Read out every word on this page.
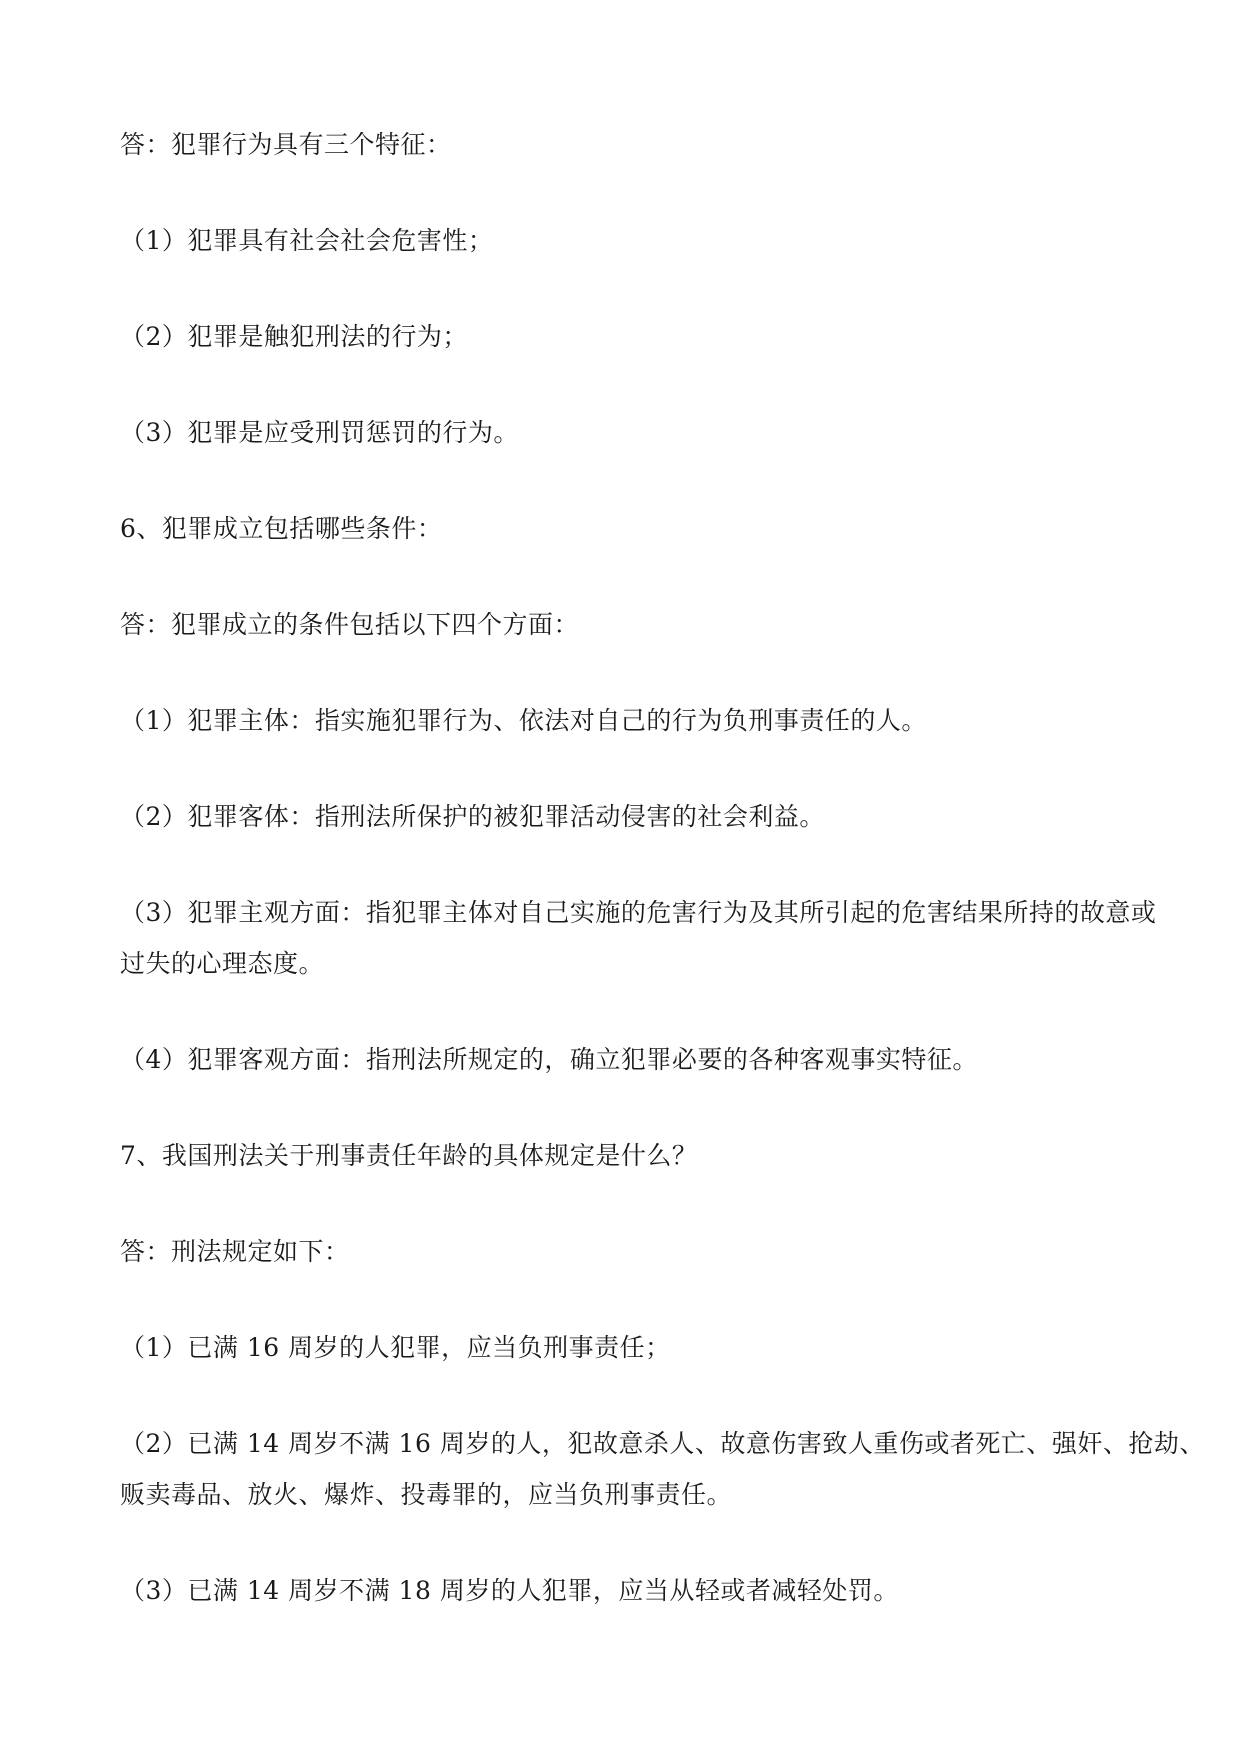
答：犯罪行为具有三个特征：
（1）犯罪具有社会社会危害性；
（2）犯罪是触犯刑法的行为；
（3）犯罪是应受刑罚惩罚的行为。
6、犯罪成立包括哪些条件：
答：犯罪成立的条件包括以下四个方面：
（1）犯罪主体：指实施犯罪行为、依法对自己的行为负刑事责任的人。
（2）犯罪客体：指刑法所保护的被犯罪活动侵害的社会利益。
（3）犯罪主观方面：指犯罪主体对自己实施的危害行为及其所引起的危害结果所持的故意或
过失的心理态度。
（4）犯罪客观方面：指刑法所规定的，确立犯罪必要的各种客观事实特征。
7、我国刑法关于刑事责任年龄的具体规定是什么？
答：刑法规定如下：
（1）已满 16 周岁的人犯罪，应当负刑事责任；
（2）已满 14 周岁不满 16 周岁的人，犯故意杀人、故意伤害致人重伤或者死亡、强奸、抢劫、
贩卖毒品、放火、爆炸、投毒罪的，应当负刑事责任。
（3）已满 14 周岁不满 18 周岁的人犯罪，应当从轻或者减轻处罚。
